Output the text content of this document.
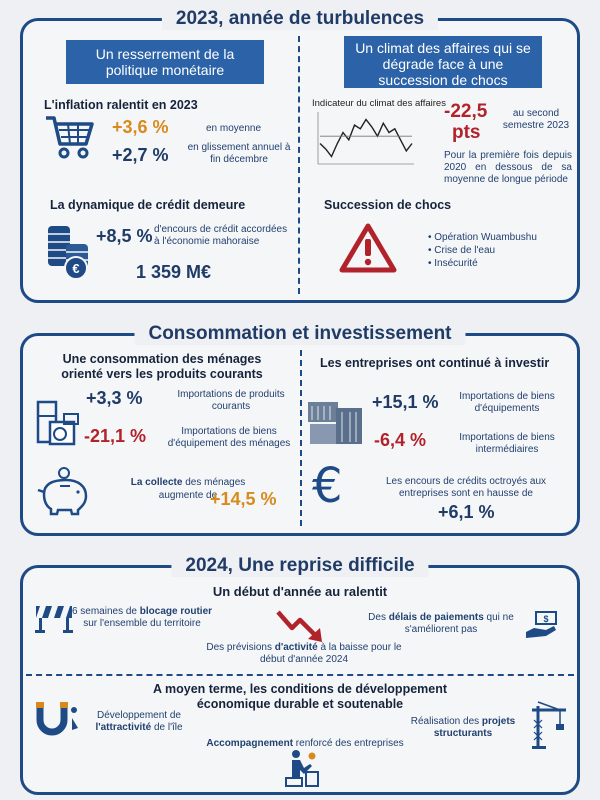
2023, année de turbulences
Un resserrement de la politique monétaire
Un climat des affaires qui se dégrade face à une succession de chocs
L'inflation ralentit en 2023
+3,6 %	en moyenne
+2,7 %	en glissement annuel à fin décembre
La dynamique de crédit demeure
€
+8,5 % d'encours de crédit accordées à l'économie mahoraise
1 359 M€
Indicateur du climat des affaires
-22,5
pts
au second semestre 2023
Pour la première fois depuis 2020 en dessous de sa moyenne de longue période
Succession de chocs
• Opération Wuambushu
• Crise de l'eau
• Insécurité
Consommation et investissement
Une consommation des ménages orienté vers les produits courants
Les entreprises ont continué à investir
+3,3 %	Importations de produits courants
-21,1 %	Importations de biens d'équipement des ménages
La collecte des ménages augmente de
+14,5 %
+15,1 %	Importations de biens d'équipements
-6,4 %	Importations de biens intermédiaires
€	Les encours de crédits octroyés aux entreprises sont en hausse de
+6,1 %
2024, Une reprise difficile
Un début d'année au ralentit
6 semaines de blocage routier sur l'ensemble du territoire
Des délais de paiements qui ne s'améliorent pas
$
Des prévisions d'activité à la baisse pour le début d'année 2024
A moyen terme, les conditions de développement économique durable et soutenable
Développement de l'attractivité de l'île
Réalisation des projets structurants
Accompagnement renforcé des entreprises
